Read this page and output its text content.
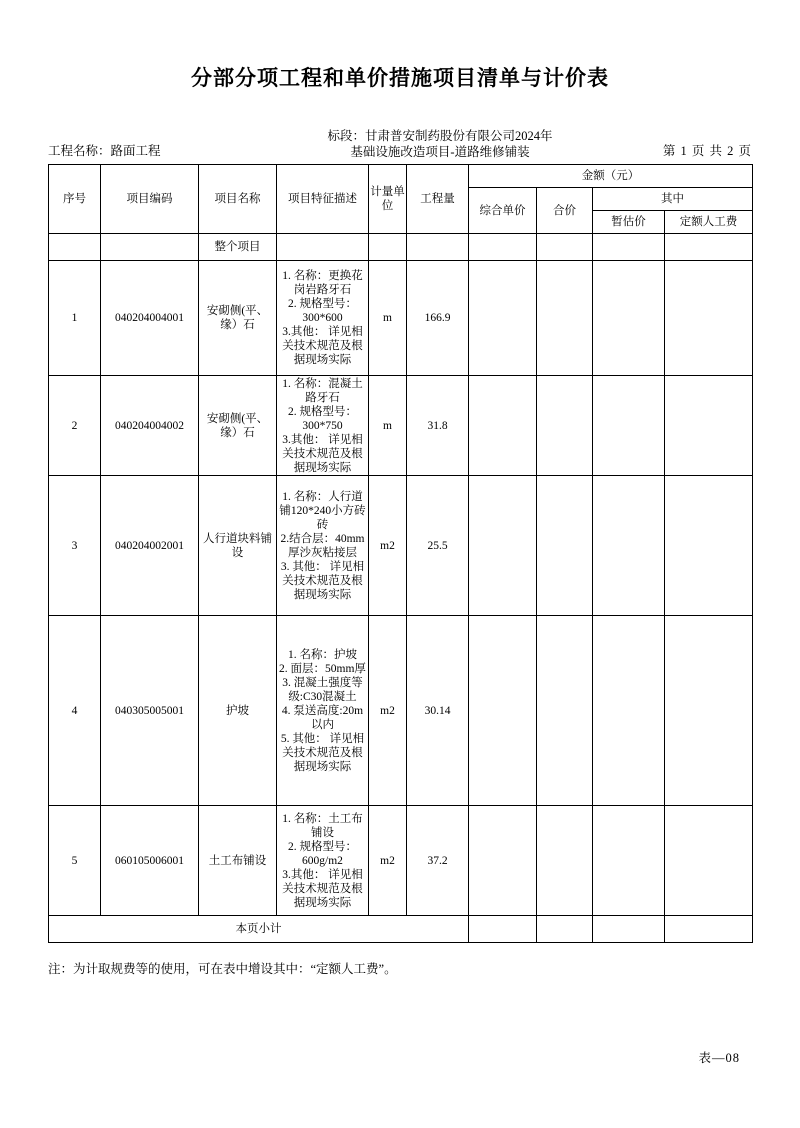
分部分项工程和单价措施项目清单与计价表
工程名称：路面工程
标段：甘肃普安制药股份有限公司2024年
基础设施改造项目-道路维修铺装	第 1 页 共 2 页
序号	项目编码	项目名称	项目特征描述	计量单位	工程量	金额（元）			
						综合单价	合价	其中	
								暂估价	定额人工费
		整个项目							
1	040204004001	安砌侧(平、缘）石	1. 名称：更换花岗岩路牙石
2. 规格型号：300*600
3.其他： 详见相关技术规范及根据现场实际	m	166.9				
2	040204004002	安砌侧(平、缘）石	1. 名称：混凝土路牙石
2. 规格型号：300*750
3.其他： 详见相关技术规范及根据现场实际	m	31.8				
3	040204002001	人行道块料铺设	1. 名称：人行道铺120*240小方砖砖
2.结合层：40mm厚沙灰粘接层
3. 其他： 详见相关技术规范及根据现场实际	m2	25.5				
4	040305005001	护坡	1. 名称：护坡
2. 面层：50mm厚
3. 混凝土强度等级:C30混凝土
4. 泵送高度:20m以内
5. 其他： 详见相关技术规范及根据现场实际	m2	30.14				
5	060105006001	土工布铺设	1. 名称：土工布铺设
2. 规格型号：600g/m2
3.其他： 详见相关技术规范及根据现场实际	m2	37.2				
本页小计									
注：为计取规费等的使用，可在表中增设其中：“定额人工费”。
表—08
